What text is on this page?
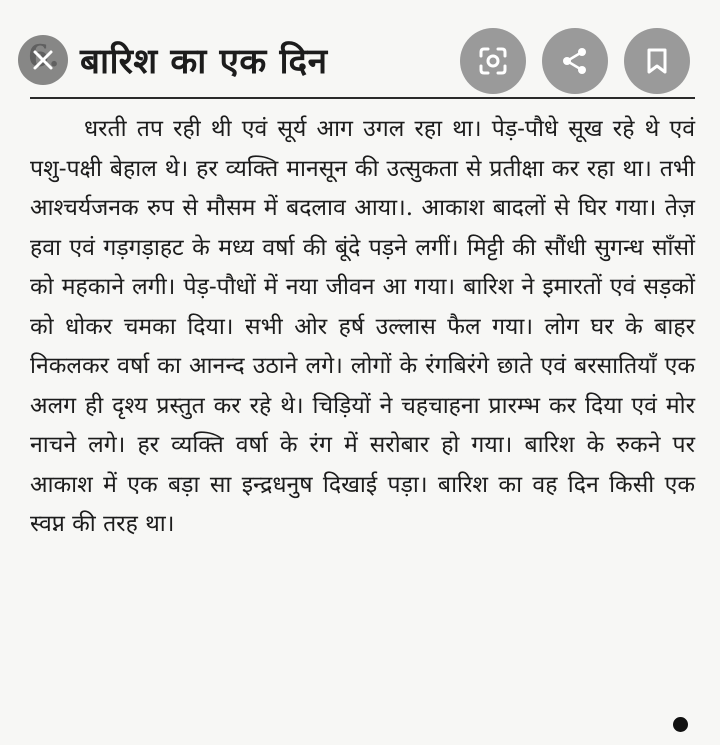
बारिश का एक दिन

धरती तप रही थी एवं सूर्य आग उगल रहा था। पेड़-पौधे सूख रहे थे एवं पशु-पक्षी बेहाल थे। हर व्यक्ति मानसून की उत्सुकता से प्रतीक्षा कर रहा था। तभी आश्चर्यजनक रुप से मौसम में बदलाव आया।. आकाश बादलों से घिर गया। तेज़ हवा एवं गड़गड़ाहट के मध्य वर्षा की बूंदे पड़ने लगीं। मिट्टी की सौंधी सुगन्ध साँसों को महकाने लगी। पेड़-पौधों में नया जीवन आ गया। बारिश ने इमारतों एवं सड़कों को धोकर चमका दिया। सभी ओर हर्ष उल्लास फैल गया। लोग घर के बाहर निकलकर वर्षा का आनन्द उठाने लगे। लोगों के रंगबिरंगे छाते एवं बरसातियाँ एक अलग ही दृश्य प्रस्तुत कर रहे थे। चिड़ियों ने चहचाहना प्रारम्भ कर दिया एवं मोर नाचने लगे। हर व्यक्ति वर्षा के रंग में सरोबार हो गया। बारिश के रुकने पर आकाश में एक बड़ा सा इन्द्रधनुष दिखाई पड़ा। बारिश का वह दिन किसी एक स्वप्न की तरह था।
